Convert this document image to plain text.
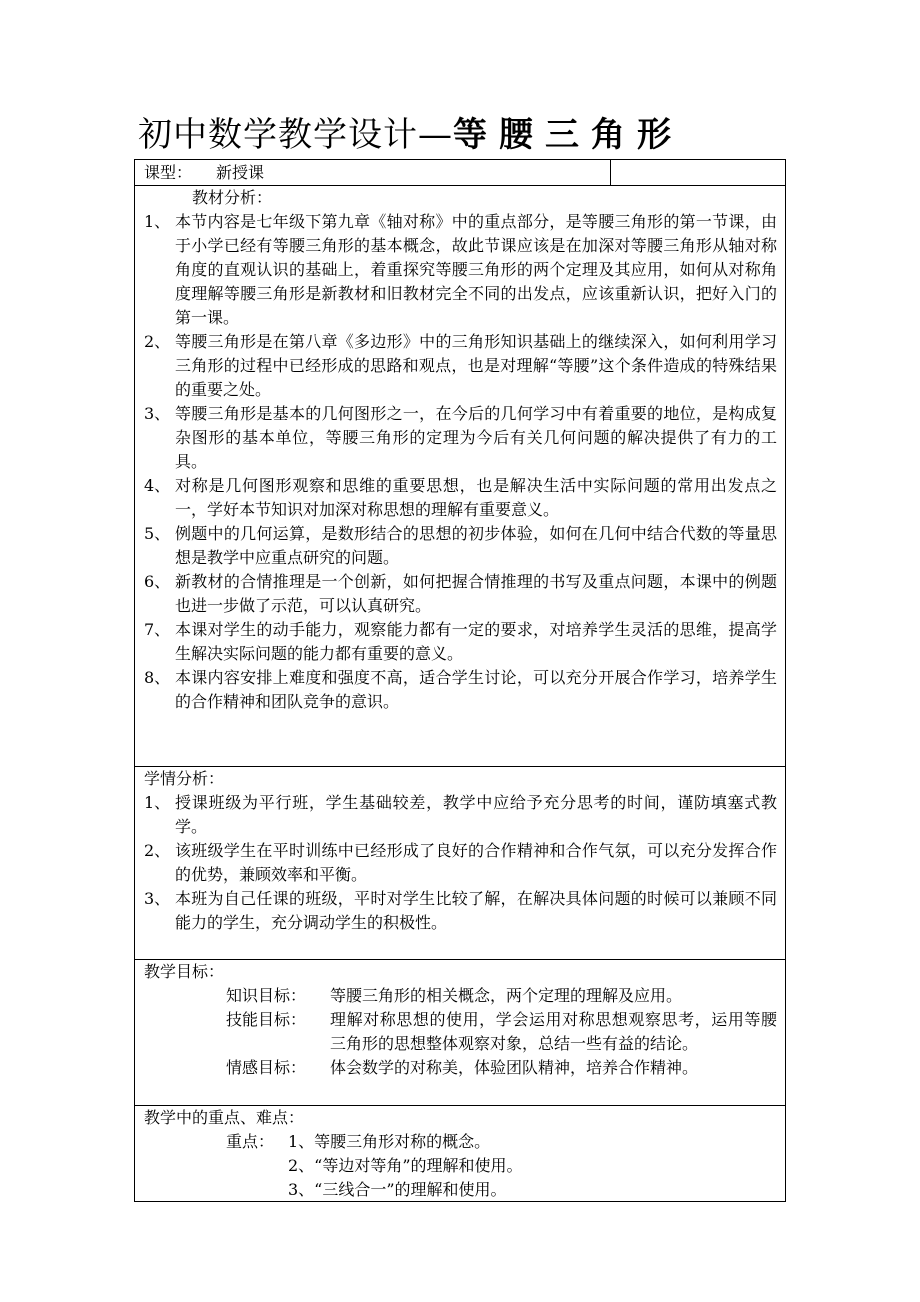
初中数学教学设计—等腰三角形
课型： 新授课
教材分析：
1、 本节内容是七年级下第九章《轴对称》中的重点部分，是等腰三角形的第一节课，由于小学已经有等腰三角形的基本概念，故此节课应该是在加深对等腰三角形从轴对称角度的直观认识的基础上，着重探究等腰三角形的两个定理及其应用，如何从对称角度理解等腰三角形是新教材和旧教材完全不同的出发点，应该重新认识，把好入门的第一课。
2、 等腰三角形是在第八章《多边形》中的三角形知识基础上的继续深入，如何利用学习三角形的过程中已经形成的思路和观点，也是对理解“等腰”这个条件造成的特殊结果的重要之处。
3、 等腰三角形是基本的几何图形之一，在今后的几何学习中有着重要的地位，是构成复杂图形的基本单位，等腰三角形的定理为今后有关几何问题的解决提供了有力的工具。
4、 对称是几何图形观察和思维的重要思想，也是解决生活中实际问题的常用出发点之一，学好本节知识对加深对称思想的理解有重要意义。
5、 例题中的几何运算，是数形结合的思想的初步体验，如何在几何中结合代数的等量思想是教学中应重点研究的问题。
6、 新教材的合情推理是一个创新，如何把握合情推理的书写及重点问题，本课中的例题也进一步做了示范，可以认真研究。
7、 本课对学生的动手能力，观察能力都有一定的要求，对培养学生灵活的思维，提高学生解决实际问题的能力都有重要的意义。
8、 本课内容安排上难度和强度不高，适合学生讨论，可以充分开展合作学习，培养学生的合作精神和团队竞争的意识。
学情分析：
1、 授课班级为平行班，学生基础较差，教学中应给予充分思考的时间，谨防填塞式教学。
2、 该班级学生在平时训练中已经形成了良好的合作精神和合作气氛，可以充分发挥合作的优势，兼顾效率和平衡。
3、 本班为自己任课的班级，平时对学生比较了解，在解决具体问题的时候可以兼顾不同能力的学生，充分调动学生的积极性。
教学目标：
知识目标： 等腰三角形的相关概念，两个定理的理解及应用。
技能目标： 理解对称思想的使用，学会运用对称思想观察思考，运用等腰三角形的思想整体观察对象，总结一些有益的结论。
情感目标： 体会数学的对称美，体验团队精神，培养合作精神。
教学中的重点、难点：
重点： 1、等腰三角形对称的概念。
2、“等边对等角”的理解和使用。
3、“三线合一”的理解和使用。
